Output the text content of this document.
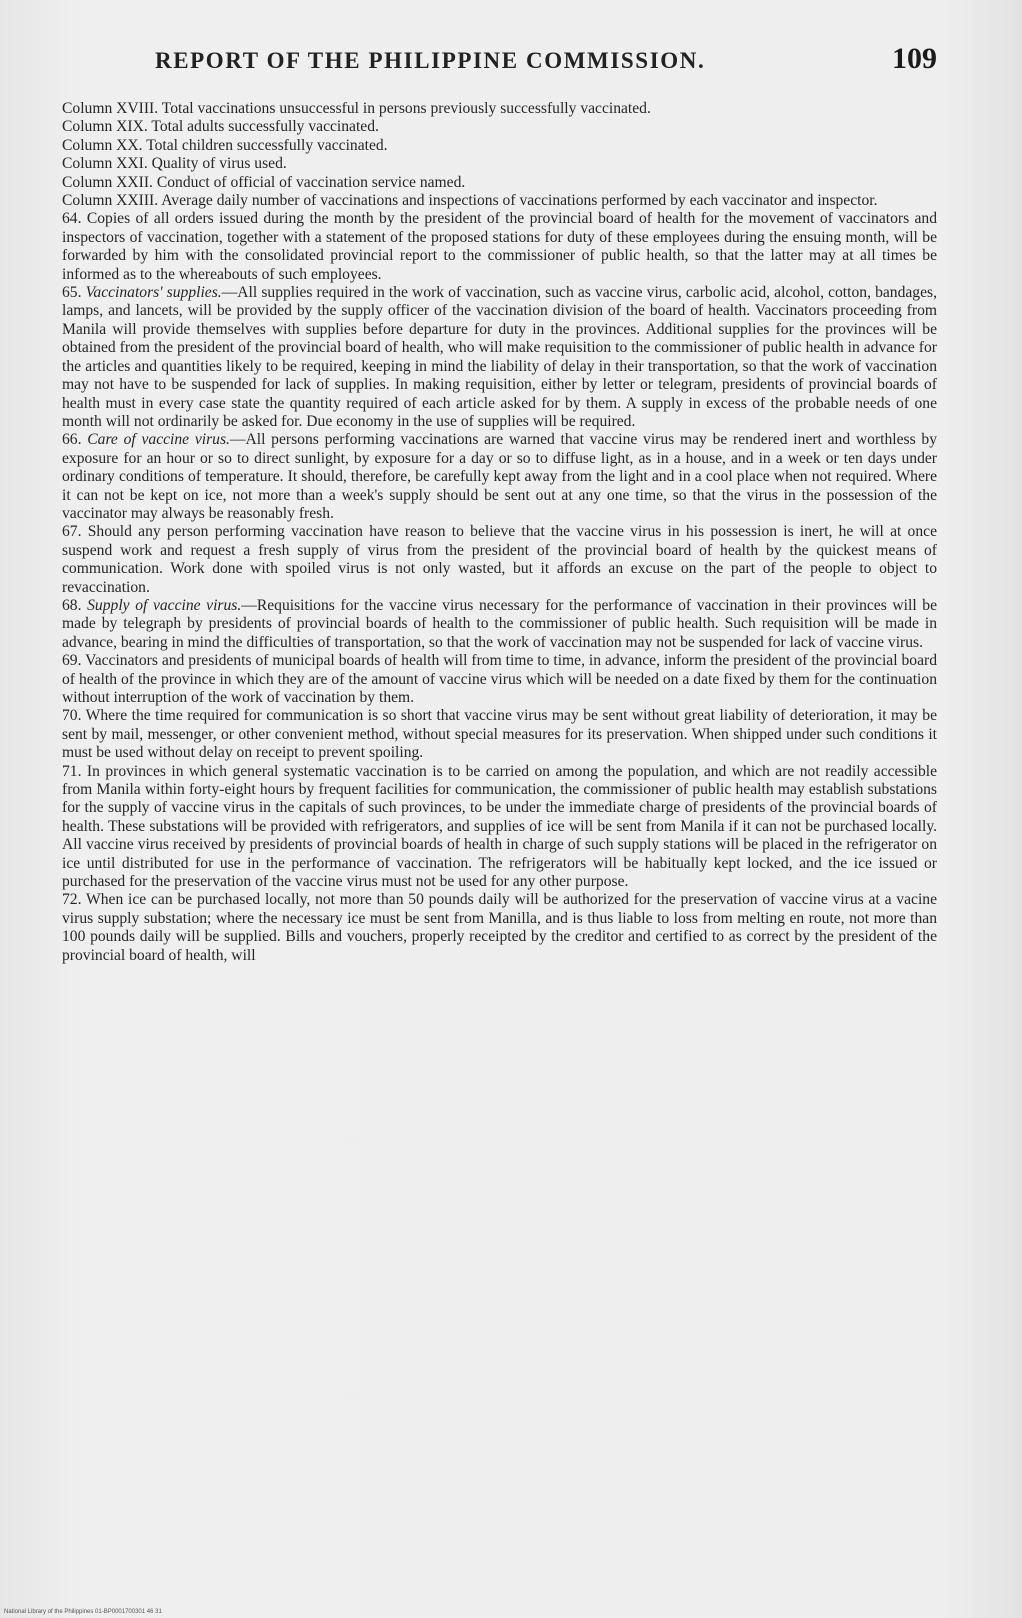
REPORT OF THE PHILIPPINE COMMISSION.	109

Column XVIII. Total vaccinations unsuccessful in persons previously successfully vaccinated.

Column XIX. Total adults successfully vaccinated.

Column XX. Total children successfully vaccinated.

Column XXI. Quality of virus used.

Column XXII. Conduct of official of vaccination service named.

Column XXIII. Average daily number of vaccinations and inspections of vaccinations performed by each vaccinator and inspector.

64. Copies of all orders issued during the month by the president of the provincial board of health for the movement of vaccinators and inspectors of vaccination, together with a statement of the proposed stations for duty of these employees during the ensuing month, will be forwarded by him with the consolidated provincial report to the commissioner of public health, so that the latter may at all times be informed as to the whereabouts of such employees.

65. Vaccinators' supplies.—All supplies required in the work of vaccination, such as vaccine virus, carbolic acid, alcohol, cotton, bandages, lamps, and lancets, will be provided by the supply officer of the vaccination division of the board of health. Vaccinators proceeding from Manila will provide themselves with supplies before departure for duty in the provinces. Additional supplies for the provinces will be obtained from the president of the provincial board of health, who will make requisition to the commissioner of public health in advance for the articles and quantities likely to be required, keeping in mind the liability of delay in their transportation, so that the work of vaccination may not have to be suspended for lack of supplies. In making requisition, either by letter or telegram, presidents of provincial boards of health must in every case state the quantity required of each article asked for by them. A supply in excess of the probable needs of one month will not ordinarily be asked for. Due economy in the use of supplies will be required.

66. Care of vaccine virus.—All persons performing vaccinations are warned that vaccine virus may be rendered inert and worthless by exposure for an hour or so to direct sunlight, by exposure for a day or so to diffuse light, as in a house, and in a week or ten days under ordinary conditions of temperature. It should, therefore, be carefully kept away from the light and in a cool place when not required. Where it can not be kept on ice, not more than a week's supply should be sent out at any one time, so that the virus in the possession of the vaccinator may always be reasonably fresh.

67. Should any person performing vaccination have reason to believe that the vaccine virus in his possession is inert, he will at once suspend work and request a fresh supply of virus from the president of the provincial board of health by the quickest means of communication. Work done with spoiled virus is not only wasted, but it affords an excuse on the part of the people to object to revaccination.

68. Supply of vaccine virus.—Requisitions for the vaccine virus necessary for the performance of vaccination in their provinces will be made by telegraph by presidents of provincial boards of health to the commissioner of public health. Such requisition will be made in advance, bearing in mind the difficulties of transportation, so that the work of vaccination may not be suspended for lack of vaccine virus.

69. Vaccinators and presidents of municipal boards of health will from time to time, in advance, inform the president of the provincial board of health of the province in which they are of the amount of vaccine virus which will be needed on a date fixed by them for the continuation without interruption of the work of vaccination by them.

70. Where the time required for communication is so short that vaccine virus may be sent without great liability of deterioration, it may be sent by mail, messenger, or other convenient method, without special measures for its preservation. When shipped under such conditions it must be used without delay on receipt to prevent spoiling.

71. In provinces in which general systematic vaccination is to be carried on among the population, and which are not readily accessible from Manila within forty-eight hours by frequent facilities for communication, the commissioner of public health may establish substations for the supply of vaccine virus in the capitals of such provinces, to be under the immediate charge of presidents of the provincial boards of health. These substations will be provided with refrigerators, and supplies of ice will be sent from Manila if it can not be purchased locally. All vaccine virus received by presidents of provincial boards of health in charge of such supply stations will be placed in the refrigerator on ice until distributed for use in the performance of vaccination. The refrigerators will be habitually kept locked, and the ice issued or purchased for the preservation of the vaccine virus must not be used for any other purpose.

72. When ice can be purchased locally, not more than 50 pounds daily will be authorized for the preservation of vaccine virus at a vacine virus supply substation; where the necessary ice must be sent from Manilla, and is thus liable to loss from melting en route, not more than 100 pounds daily will be supplied. Bills and vouchers, properly receipted by the creditor and certified to as correct by the president of the provincial board of health, will

National Library of the Philippines 01-BP0001700301 46 31
